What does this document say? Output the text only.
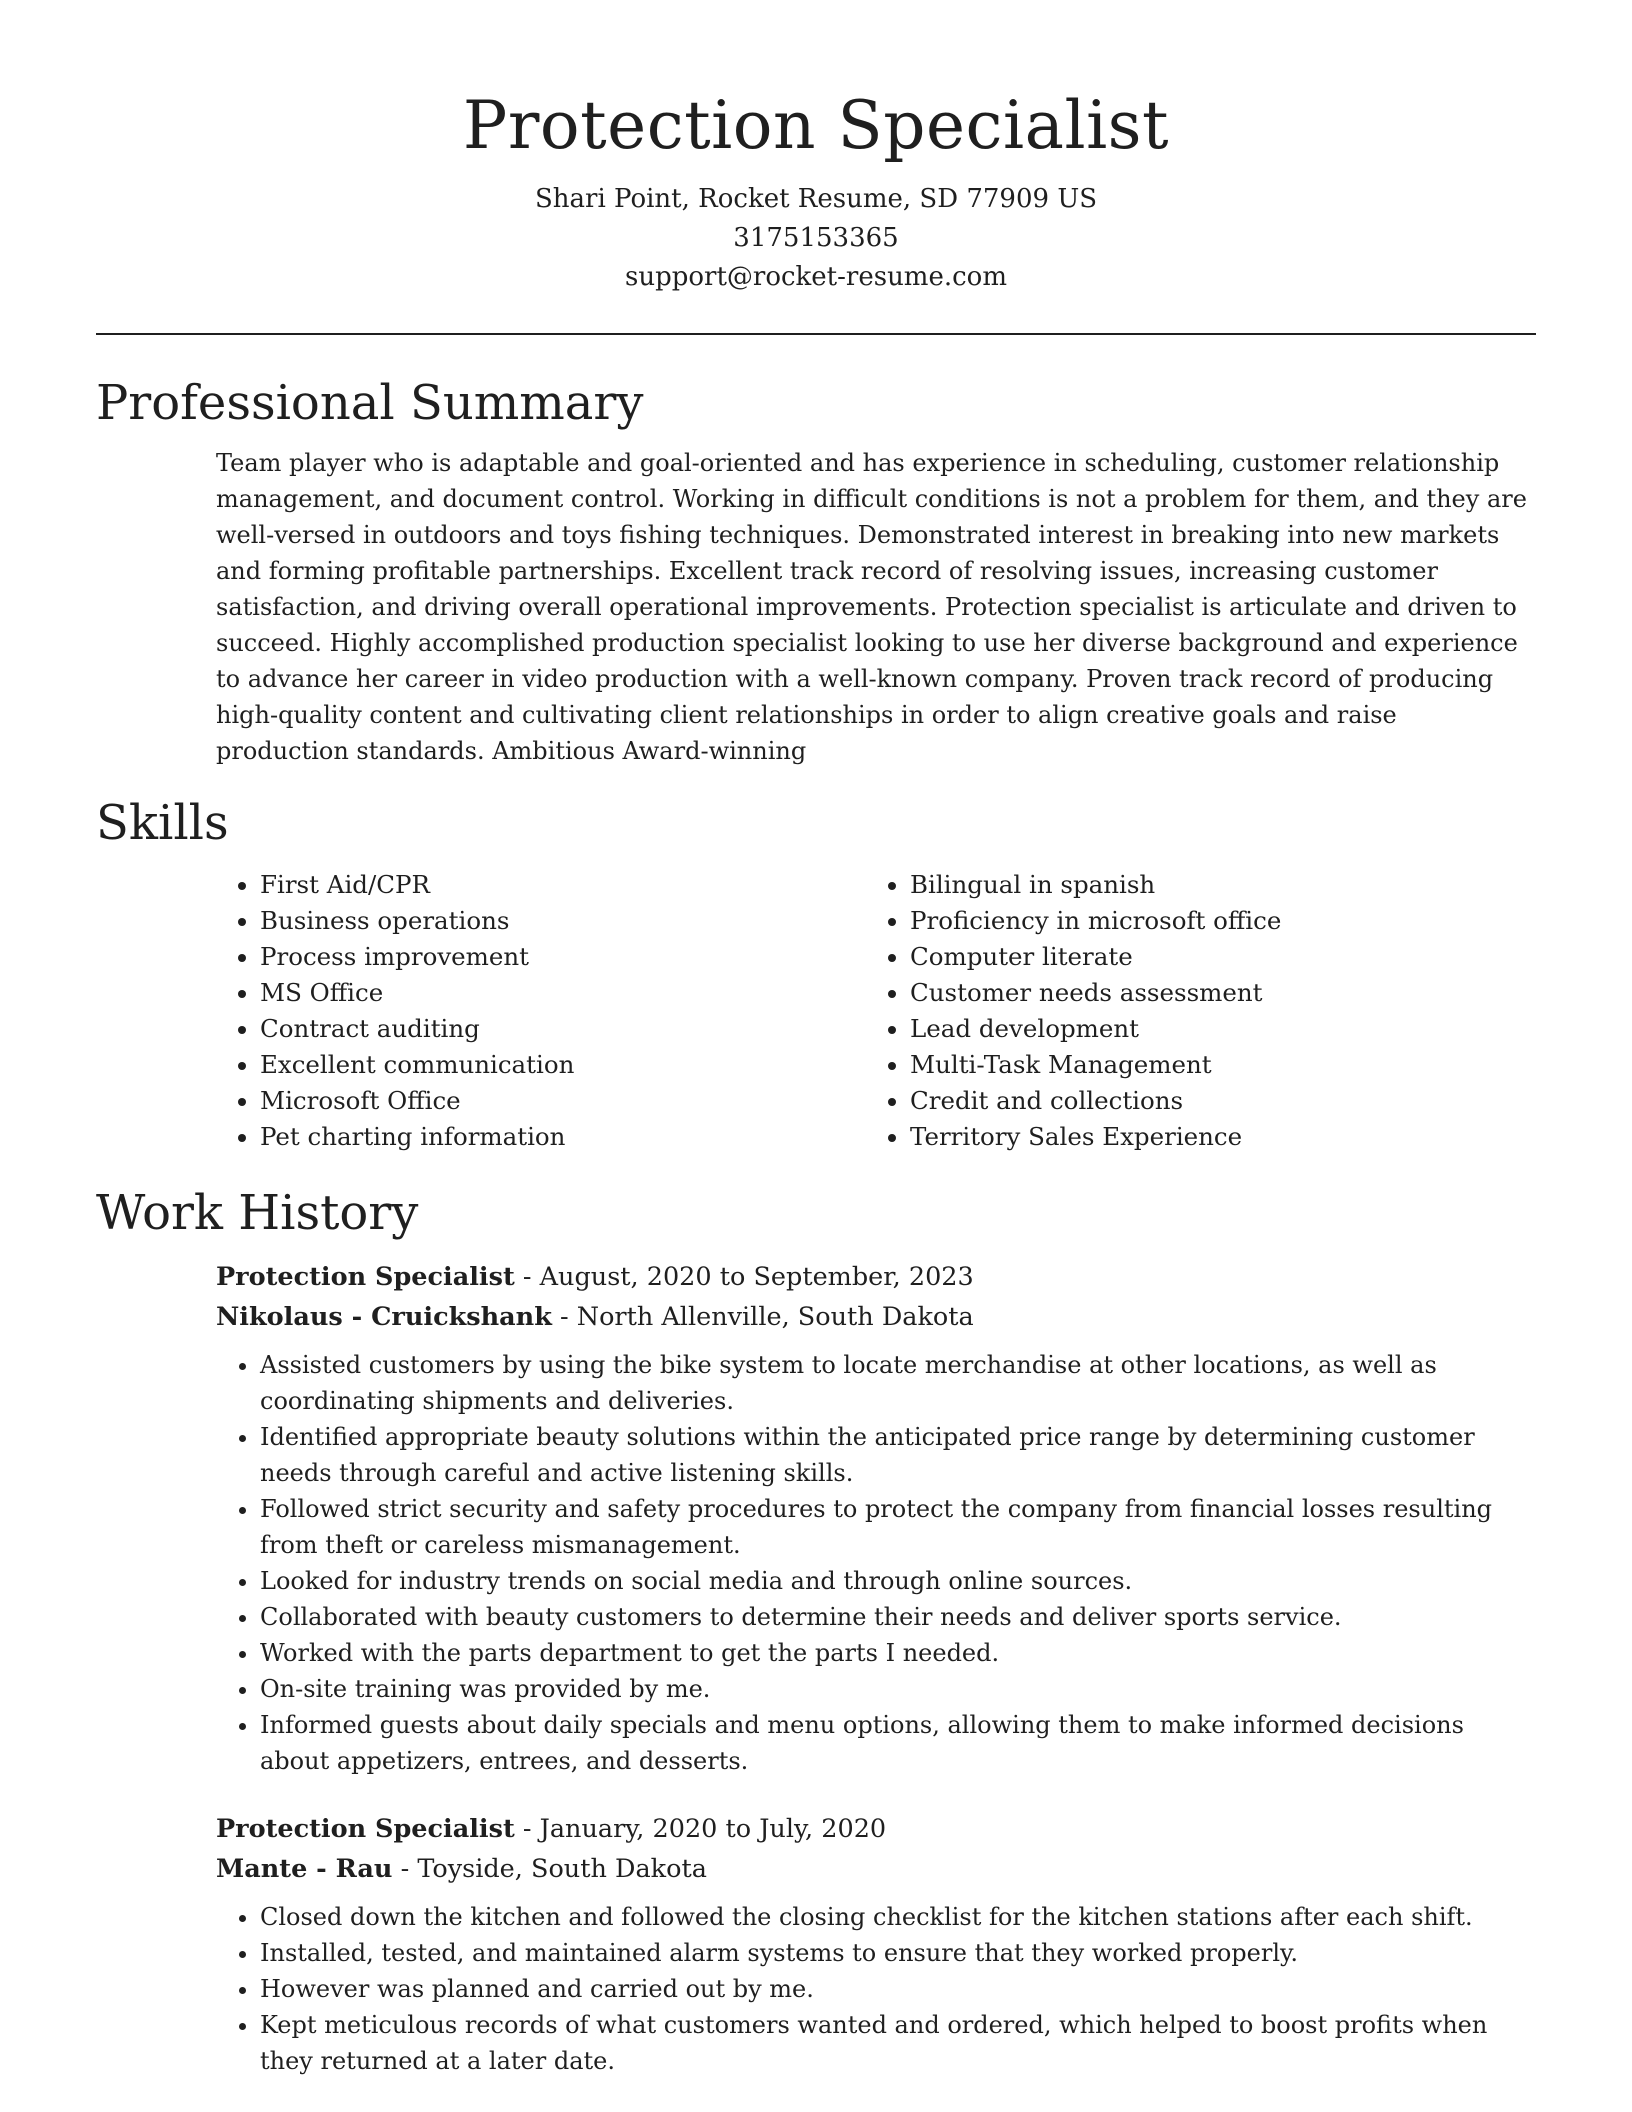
Protection Specialist
Shari Point, Rocket Resume, SD 77909 US
3175153365
support@rocket-resume.com
Professional Summary

Team player who is adaptable and goal-oriented and has experience in scheduling, customer relationship management, and document control. Working in difficult conditions is not a problem for them, and they are well-versed in outdoors and toys fishing techniques. Demonstrated interest in breaking into new markets and forming profitable partnerships. Excellent track record of resolving issues, increasing customer satisfaction, and driving overall operational improvements. Protection specialist is articulate and driven to succeed. Highly accomplished production specialist looking to use her diverse background and experience to advance her career in video production with a well-known company. Proven track record of producing high-quality content and cultivating client relationships in order to align creative goals and raise production standards. Ambitious Award-winning

Skills
• First Aid/CPR
• Business operations
• Process improvement
• MS Office
• Contract auditing
• Excellent communication
• Microsoft Office
• Pet charting information
• Bilingual in spanish
• Proficiency in microsoft office
• Computer literate
• Customer needs assessment
• Lead development
• Multi-Task Management
• Credit and collections
• Territory Sales Experience
Work History
Protection Specialist - August, 2020 to September, 2023
Nikolaus - Cruickshank - North Allenville, South Dakota
• Assisted customers by using the bike system to locate merchandise at other locations, as well as coordinating shipments and deliveries.
• Identified appropriate beauty solutions within the anticipated price range by determining customer needs through careful and active listening skills.
• Followed strict security and safety procedures to protect the company from financial losses resulting from theft or careless mismanagement.
• Looked for industry trends on social media and through online sources.
• Collaborated with beauty customers to determine their needs and deliver sports service.
• Worked with the parts department to get the parts I needed.
• On-site training was provided by me.
• Informed guests about daily specials and menu options, allowing them to make informed decisions about appetizers, entrees, and desserts.
Protection Specialist - January, 2020 to July, 2020
Mante - Rau - Toyside, South Dakota
• Closed down the kitchen and followed the closing checklist for the kitchen stations after each shift.
• Installed, tested, and maintained alarm systems to ensure that they worked properly.
• However was planned and carried out by me.
• Kept meticulous records of what customers wanted and ordered, which helped to boost profits when they returned at a later date.
